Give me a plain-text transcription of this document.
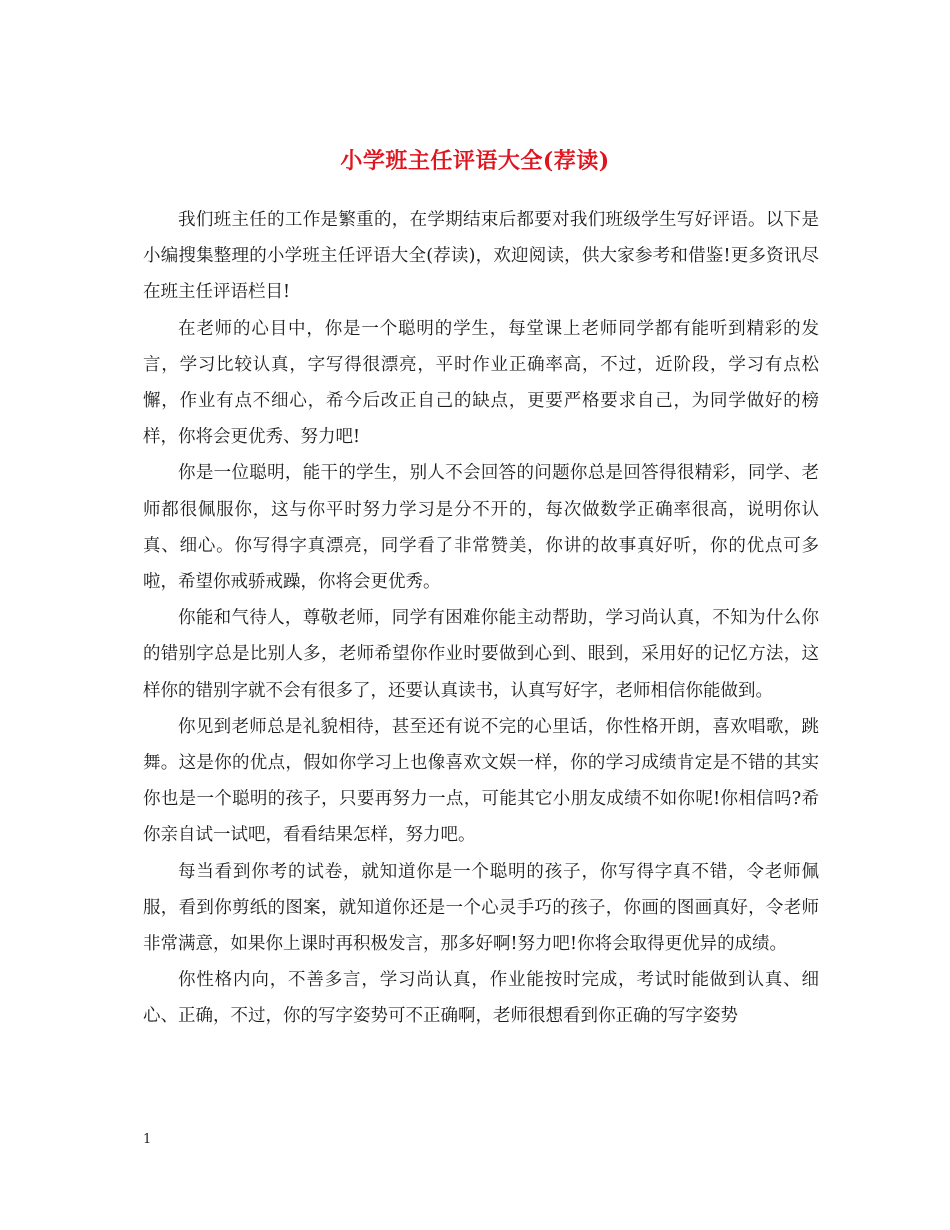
小学班主任评语大全(荐读)

我们班主任的工作是繁重的，在学期结束后都要对我们班级学生写好评语。以下是小编搜集整理的小学班主任评语大全(荐读)，欢迎阅读，供大家参考和借鉴!更多资讯尽在班主任评语栏目!

在老师的心目中，你是一个聪明的学生，每堂课上老师同学都有能听到精彩的发言，学习比较认真，字写得很漂亮，平时作业正确率高，不过，近阶段，学习有点松懈，作业有点不细心，希今后改正自己的缺点，更要严格要求自己，为同学做好的榜样，你将会更优秀、努力吧!

你是一位聪明，能干的学生，别人不会回答的问题你总是回答得很精彩，同学、老师都很佩服你，这与你平时努力学习是分不开的，每次做数学正确率很高，说明你认真、细心。你写得字真漂亮，同学看了非常赞美，你讲的故事真好听，你的优点可多啦，希望你戒骄戒躁，你将会更优秀。

你能和气待人，尊敬老师，同学有困难你能主动帮助，学习尚认真，不知为什么你的错别字总是比别人多，老师希望你作业时要做到心到、眼到，采用好的记忆方法，这样你的错别字就不会有很多了，还要认真读书，认真写好字，老师相信你能做到。

你见到老师总是礼貌相待，甚至还有说不完的心里话，你性格开朗，喜欢唱歌，跳舞。这是你的优点，假如你学习上也像喜欢文娱一样，你的学习成绩肯定是不错的其实你也是一个聪明的孩子，只要再努力一点，可能其它小朋友成绩不如你呢!你相信吗?希你亲自试一试吧，看看结果怎样，努力吧。

每当看到你考的试卷，就知道你是一个聪明的孩子，你写得字真不错，令老师佩服，看到你剪纸的图案，就知道你还是一个心灵手巧的孩子，你画的图画真好，令老师非常满意，如果你上课时再积极发言，那多好啊!努力吧!你将会取得更优异的成绩。

你性格内向，不善多言，学习尚认真，作业能按时完成，考试时能做到认真、细心、正确，不过，你的写字姿势可不正确啊，老师很想看到你正确的写字姿势

1
